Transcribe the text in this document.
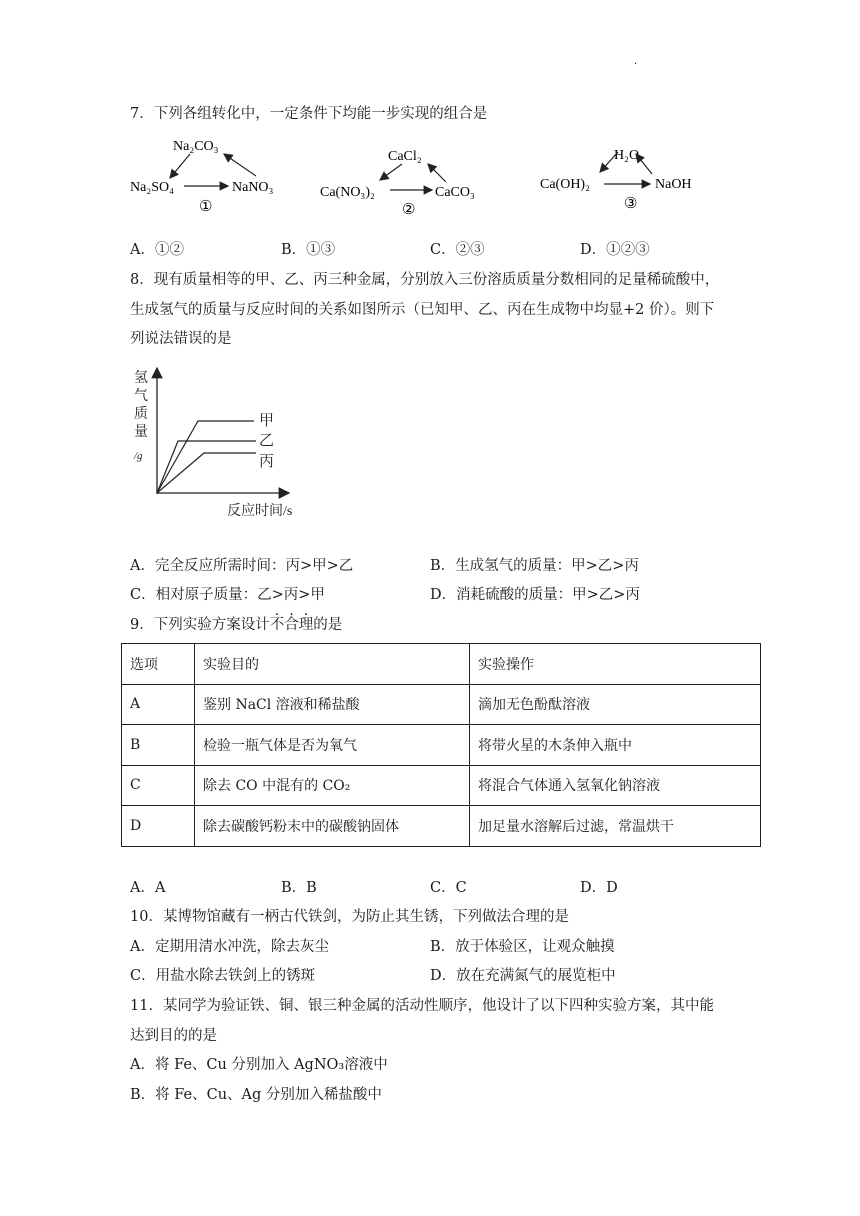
·
7．下列各组转化中，一定条件下均能一步实现的组合是
Na₂CO₃
Na₂SO₄	NaNO₃
①
CaCl₂
Ca(NO₃)₂	CaCO₃
②
H₂O
Ca(OH)₂	NaOH
③
A．①②	B．①③	C．②③	D．①②③
8．现有质量相等的甲、乙、丙三种金属，分别放入三份溶质质量分数相同的足量稀硫酸中，
生成氢气的质量与反应时间的关系如图所示（已知甲、乙、丙在生成物中均显+2 价）。则下
列说法错误的是
氢
气
质
量
/g
甲
乙
丙
反应时间/s
A．完全反应所需时间：丙>甲>乙	B．生成氢气的质量：甲>乙>丙
C．相对原子质量：乙>丙>甲	D．消耗硫酸的质量：甲>乙>丙
9．下列实验方案设计不合理的是
选项	实验目的	实验操作
A	鉴别 NaCl 溶液和稀盐酸	滴加无色酚酞溶液
B	检验一瓶气体是否为氧气	将带火星的木条伸入瓶中
C	除去 CO 中混有的 CO₂	将混合气体通入氢氧化钠溶液
D	除去碳酸钙粉末中的碳酸钠固体	加足量水溶解后过滤，常温烘干
A．A	B．B	C．C	D．D
10．某博物馆藏有一柄古代铁剑，为防止其生锈，下列做法合理的是
A．定期用清水冲洗，除去灰尘	B．放于体验区，让观众触摸
C．用盐水除去铁剑上的锈斑	D．放在充满氮气的展览柜中
11．某同学为验证铁、铜、银三种金属的活动性顺序，他设计了以下四种实验方案，其中能
达到目的的是
A．将 Fe、Cu 分别加入 AgNO₃溶液中
B．将 Fe、Cu、Ag 分别加入稀盐酸中
